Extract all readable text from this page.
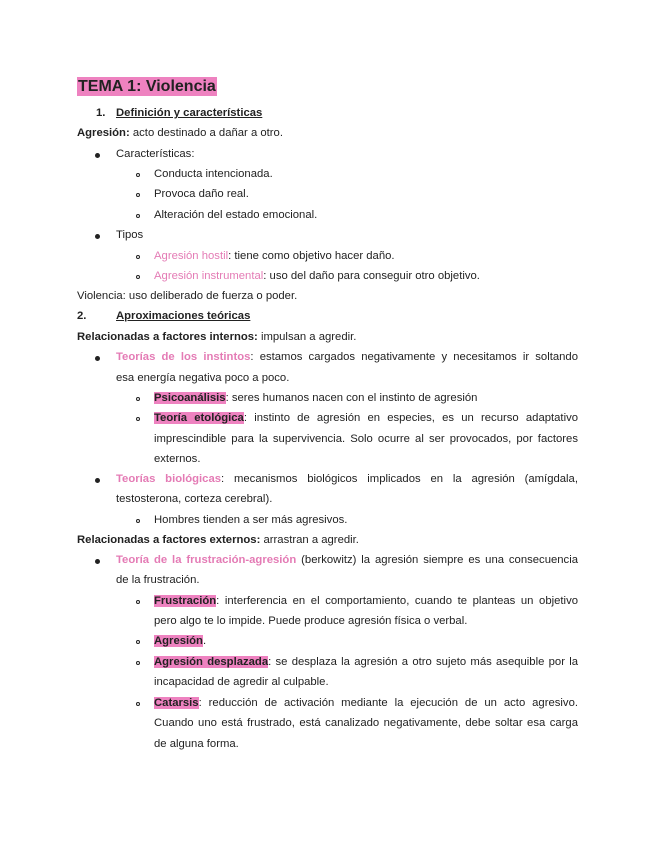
TEMA 1: Violencia
1. Definición y características
Agresión: acto destinado a dañar a otro.
Características:
Conducta intencionada.
Provoca daño real.
Alteración del estado emocional.
Tipos
Agresión hostil: tiene como objetivo hacer daño.
Agresión instrumental: uso del daño para conseguir otro objetivo.
Violencia: uso deliberado de fuerza o poder.
2.	Aproximaciones teóricas
Relacionadas a factores internos: impulsan a agredir.
Teorías de los instintos: estamos cargados negativamente y necesitamos ir soltando
esa energía negativa poco a poco.
Psicoanálisis: seres humanos nacen con el instinto de agresión
Teoría etológica: instinto de agresión en especies, es un recurso adaptativo
imprescindible para la supervivencia. Solo ocurre al ser provocados, por factores
externos.
Teorías biológicas: mecanismos biológicos implicados en la agresión (amígdala,
testosterona, corteza cerebral).
Hombres tienden a ser más agresivos.
Relacionadas a factores externos: arrastran a agredir.
Teoría de la frustración-agresión (berkowitz) la agresión siempre es una consecuencia
de la frustración.
Frustración: interferencia en el comportamiento, cuando te planteas un objetivo
pero algo te lo impide. Puede produce agresión física o verbal.
Agresión.
Agresión desplazada: se desplaza la agresión a otro sujeto más asequible por la
incapacidad de agredir al culpable.
Catarsis: reducción de activación mediante la ejecución de un acto agresivo.
Cuando uno está frustrado, está canalizado negativamente, debe soltar esa carga
de alguna forma.
